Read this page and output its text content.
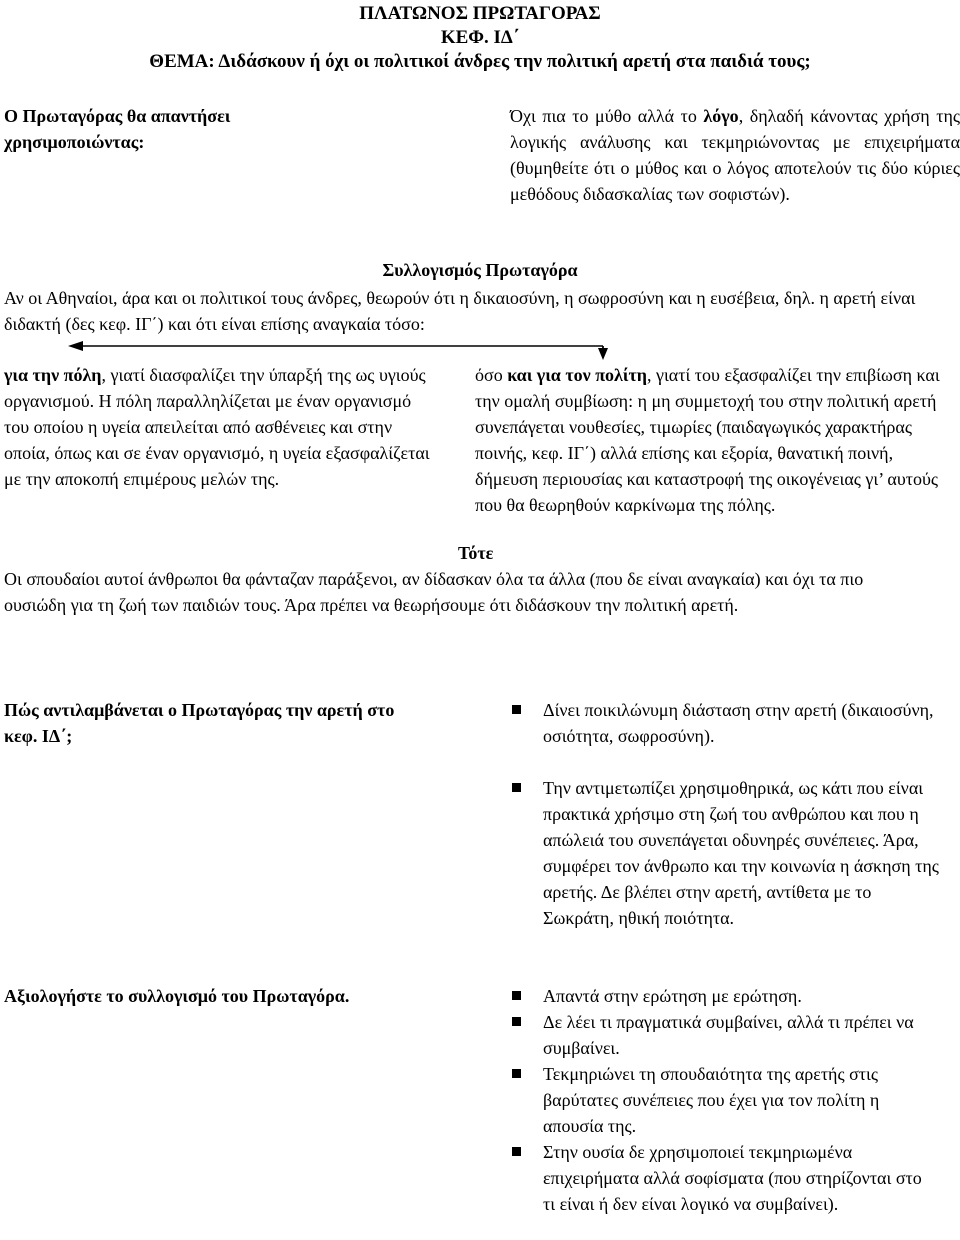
ΠΛΑΤΩΝΟΣ ΠΡΩΤΑΓΟΡΑΣ
ΚΕΦ. ΙΔ΄
ΘΕΜΑ: Διδάσκουν ή όχι οι πολιτικοί άνδρες την πολιτική αρετή στα παιδιά τους;
Ο Πρωταγόρας θα απαντήσει χρησιμοποιώντας:
Όχι πια το μύθο αλλά το λόγο, δηλαδή κάνοντας χρήση της λογικής ανάλυσης και τεκμηριώνοντας με επιχειρήματα (θυμηθείτε ότι ο μύθος και ο λόγος αποτελούν τις δύο κύριες μεθόδους διδασκαλίας των σοφιστών).
Συλλογισμός Πρωταγόρα
Αν οι Αθηναίοι, άρα και οι πολιτικοί τους άνδρες, θεωρούν ότι η δικαιοσύνη, η σωφροσύνη και η ευσέβεια, δηλ. η αρετή είναι διδακτή (δες κεφ. ΙΓ΄) και ότι είναι επίσης αναγκαία τόσο:
για την πόλη, γιατί διασφαλίζει την ύπαρξή της ως υγιούς οργανισμού. Η πόλη παραλληλίζεται με έναν οργανισμό του οποίου η υγεία απειλείται από ασθένειες και στην οποία, όπως και σε έναν οργανισμό, η υγεία εξασφαλίζεται με την αποκοπή επιμέρους μελών της.
όσο και για τον πολίτη, γιατί του εξασφαλίζει την επιβίωση και την ομαλή συμβίωση: η μη συμμετοχή του στην πολιτική αρετή συνεπάγεται νουθεσίες, τιμωρίες (παιδαγωγικός χαρακτήρας ποινής, κεφ. ΙΓ΄) αλλά επίσης και εξορία, θανατική ποινή, δήμευση περιουσίας και καταστροφή της οικογένειας γι’ αυτούς που θα θεωρηθούν καρκίνωμα της πόλης.
Τότε
Οι σπουδαίοι αυτοί άνθρωποι θα φάνταζαν παράξενοι, αν δίδασκαν όλα τα άλλα (που δε είναι αναγκαία) και όχι τα πιο ουσιώδη για τη ζωή των παιδιών τους. Άρα πρέπει να θεωρήσουμε ότι διδάσκουν την πολιτική αρετή.
Πώς αντιλαμβάνεται ο Πρωταγόρας την αρετή στο κεφ. ΙΔ΄;
Δίνει ποικιλώνυμη διάσταση στην αρετή (δικαιοσύνη, οσιότητα, σωφροσύνη).
Την αντιμετωπίζει χρησιμοθηρικά, ως κάτι που είναι πρακτικά χρήσιμο στη ζωή του ανθρώπου και που η απώλειά του συνεπάγεται οδυνηρές συνέπειες. Άρα, συμφέρει τον άνθρωπο και την κοινωνία η άσκηση της αρετής. Δε βλέπει στην αρετή, αντίθετα με το Σωκράτη, ηθική ποιότητα.
Αξιολογήστε το συλλογισμό του Πρωταγόρα.	Απαντά στην ερώτηση με ερώτηση.
Δε λέει τι πραγματικά συμβαίνει, αλλά τι πρέπει να συμβαίνει.
Τεκμηριώνει τη σπουδαιότητα της αρετής στις βαρύτατες συνέπειες που έχει για τον πολίτη η απουσία της.
Στην ουσία δε χρησιμοποιεί τεκμηριωμένα επιχειρήματα αλλά σοφίσματα (που στηρίζονται στο τι είναι ή δεν είναι λογικό να συμβαίνει).
